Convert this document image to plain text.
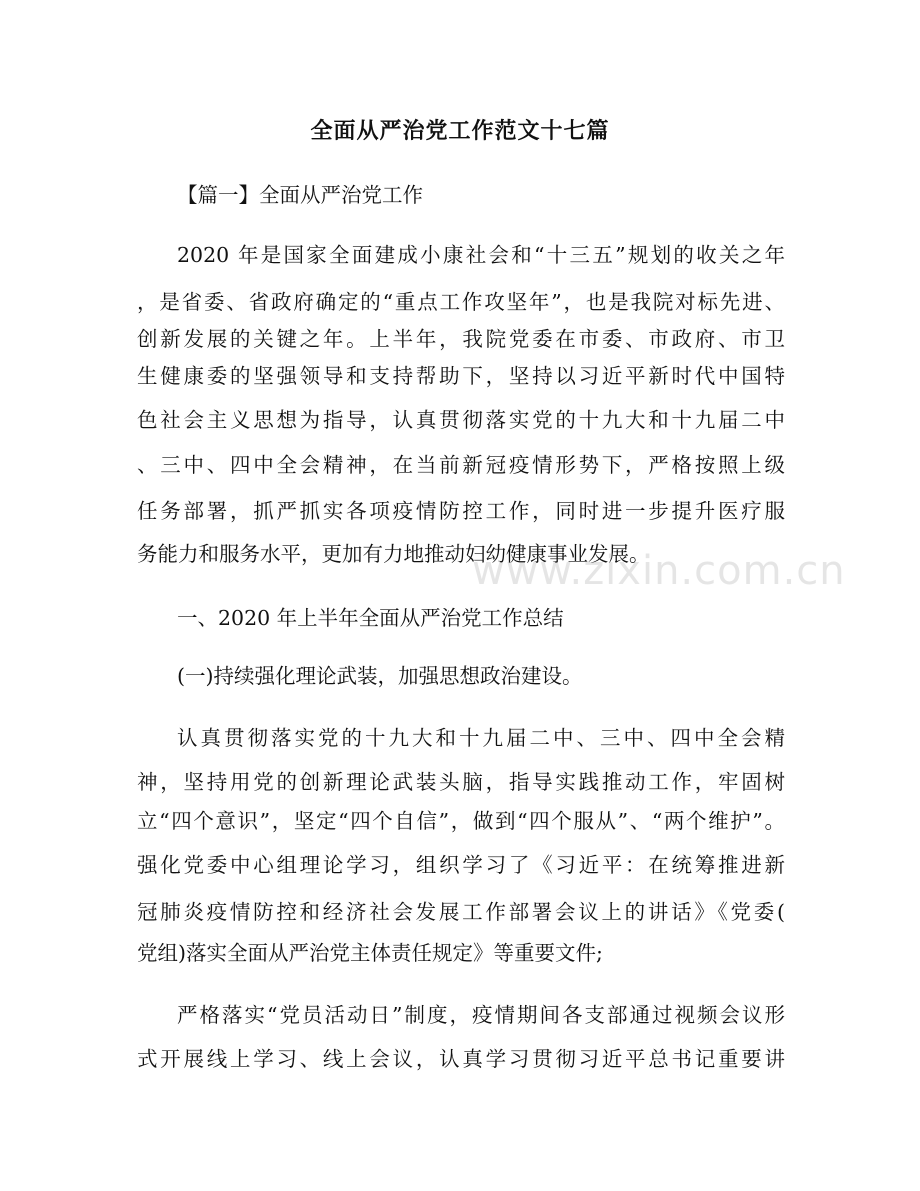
全面从严治党工作范文十七篇

【篇一】全面从严治党工作

2020 年是国家全面建成小康社会和“十三五”规划的收关之年

，是省委、省政府确定的“重点工作攻坚年”，也是我院对标先进、

创新发展的关键之年。上半年，我院党委在市委、市政府、市卫

生健康委的坚强领导和支持帮助下，坚持以习近平新时代中国特

色社会主义思想为指导，认真贯彻落实党的十九大和十九届二中

、三中、四中全会精神，在当前新冠疫情形势下，严格按照上级

任务部署，抓严抓实各项疫情防控工作，同时进一步提升医疗服

务能力和服务水平，更加有力地推动妇幼健康事业发展。

www.zixin.com.cn

一、2020 年上半年全面从严治党工作总结

(一)持续强化理论武装，加强思想政治建设。

认真贯彻落实党的十九大和十九届二中、三中、四中全会精

神，坚持用党的创新理论武装头脑，指导实践推动工作，牢固树

立“四个意识”，坚定“四个自信”，做到“四个服从”、“两个维护”。

强化党委中心组理论学习，组织学习了《习近平：在统筹推进新

冠肺炎疫情防控和经济社会发展工作部署会议上的讲话》《党委(

党组)落实全面从严治党主体责任规定》等重要文件;

严格落实“党员活动日”制度，疫情期间各支部通过视频会议形

式开展线上学习、线上会议，认真学习贯彻习近平总书记重要讲
